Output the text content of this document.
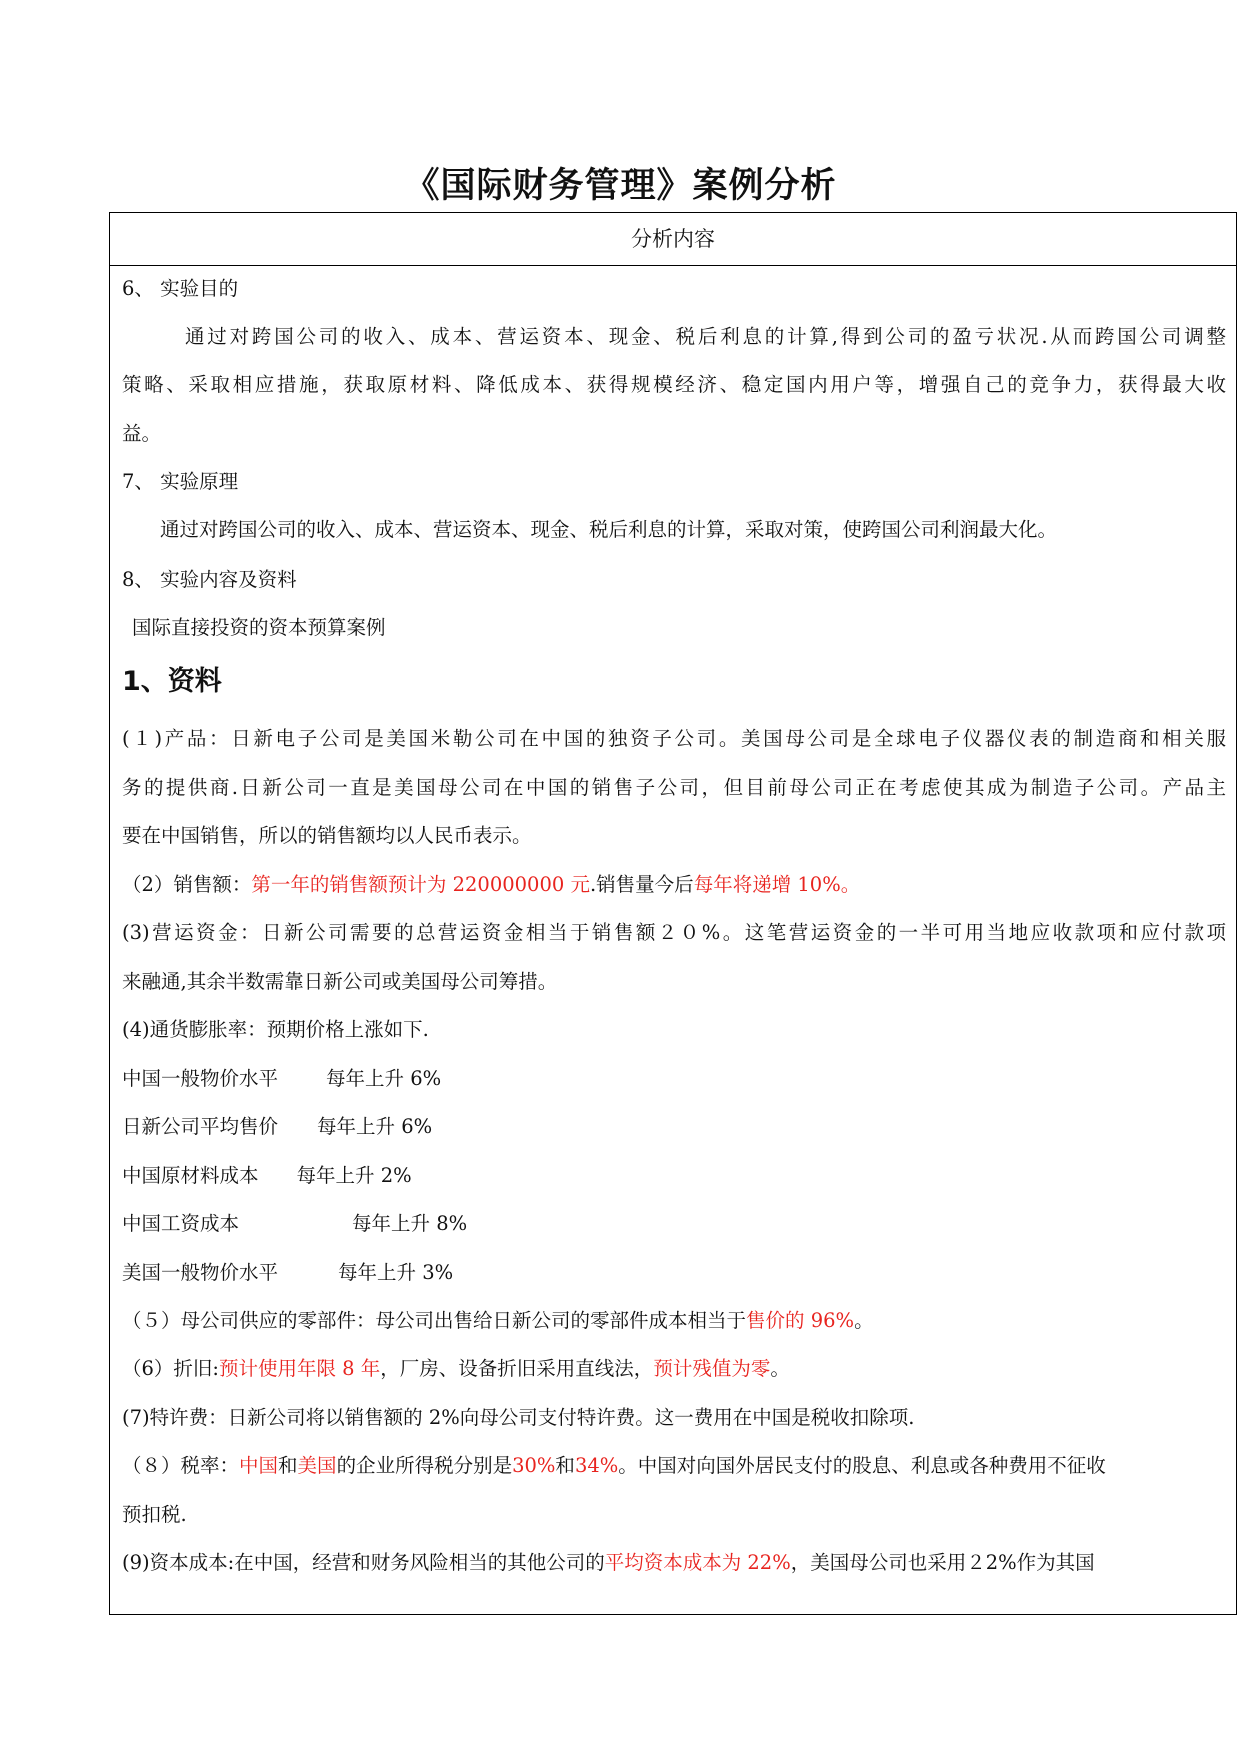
《国际财务管理》案例分析
分析内容
6、 实验目的
通过对跨国公司的收入、成本、营运资本、现金、税后利息的计算,得到公司的盈亏状况.从而跨国公司调整
策略、采取相应措施，获取原材料、降低成本、获得规模经济、稳定国内用户等，增强自己的竞争力，获得最大收
益。
7、 实验原理
通过对跨国公司的收入、成本、营运资本、现金、税后利息的计算，采取对策，使跨国公司利润最大化。
8、 实验内容及资料
国际直接投资的资本预算案例
1、资料
(１)产品：日新电子公司是美国米勒公司在中国的独资子公司。美国母公司是全球电子仪器仪表的制造商和相关服
务的提供商.日新公司一直是美国母公司在中国的销售子公司，但目前母公司正在考虑使其成为制造子公司。产品主
要在中国销售，所以的销售额均以人民币表示。
（2）销售额：第一年的销售额预计为 220000000 元.销售量今后每年将递增 10%。
(3)营运资金：日新公司需要的总营运资金相当于销售额２０%。这笔营运资金的一半可用当地应收款项和应付款项
来融通,其余半数需靠日新公司或美国母公司筹措。
(4)通货膨胀率：预期价格上涨如下.
中国一般物价水平 每年上升 6%
日新公司平均售价 每年上升 6%
中国原材料成本 每年上升 2%
中国工资成本	每年上升 8%
美国一般物价水平	每年上升 3%
（５）母公司供应的零部件：母公司出售给日新公司的零部件成本相当于售价的 96%。
（6）折旧:预计使用年限 8 年，厂房、设备折旧采用直线法，预计残值为零。
(7)特许费：日新公司将以销售额的 2%向母公司支付特许费。这一费用在中国是税收扣除项.
（８）税率：中国和美国的企业所得税分别是30%和34%。中国对向国外居民支付的股息、利息或各种费用不征收
预扣税.
(9)资本成本:在中国，经营和财务风险相当的其他公司的平均资本成本为 22%，美国母公司也采用２2%作为其国
